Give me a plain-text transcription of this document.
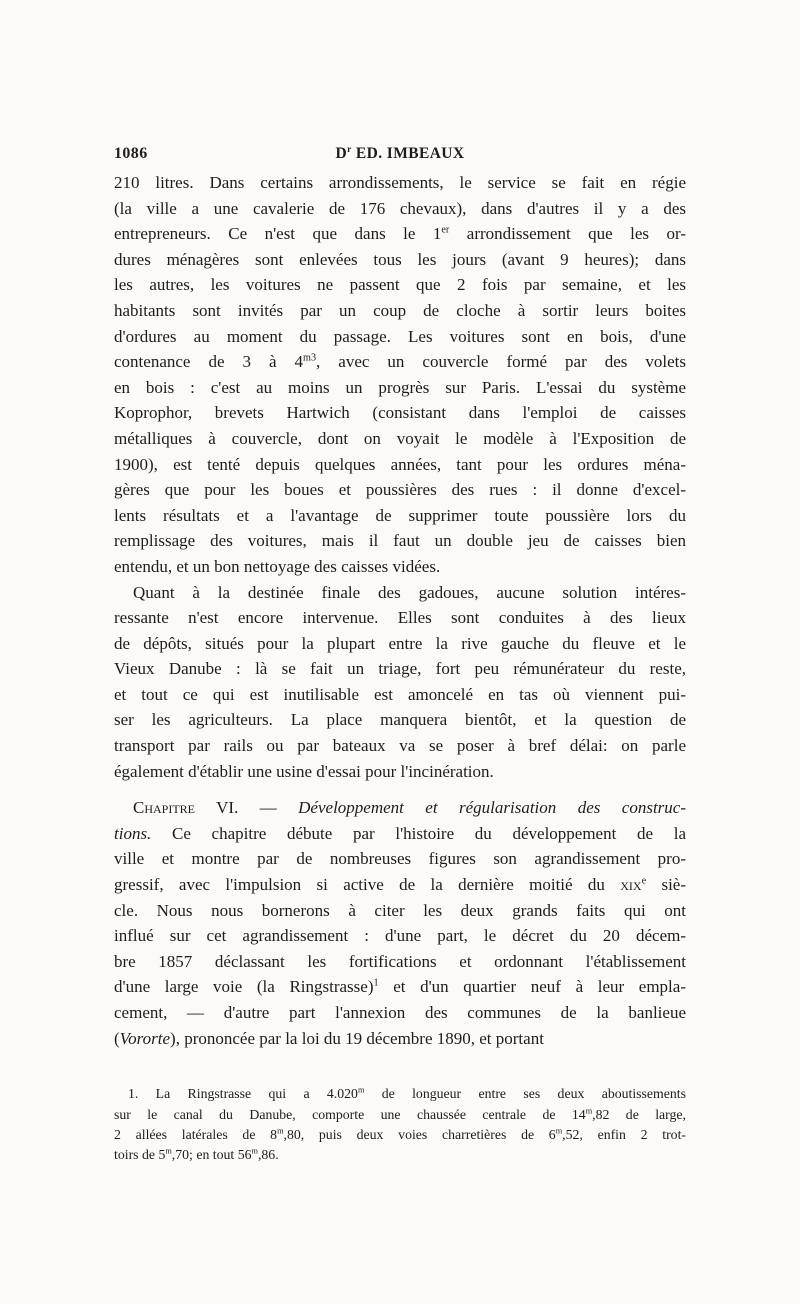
1086	$D^r$ ED. IMBEAUX
210 litres. Dans certains arrondissements, le service se fait en régie
(la ville a une cavalerie de 176 chevaux), dans d'autres il y a des
entrepreneurs. Ce n'est que dans le 1er arrondissement que les or-
dures ménagères sont enlevées tous les jours (avant 9 heures); dans
les autres, les voitures ne passent que 2 fois par semaine, et les
habitants sont invités par un coup de cloche à sortir leurs boites
d'ordures au moment du passage. Les voitures sont en bois, d'une
contenance de 3 à $4^{m3}$, avec un couvercle formé par des volets
en bois : c'est au moins un progrès sur Paris. L'essai du système
Koprophor, brevets Hartwich (consistant dans l'emploi de caisses
métalliques à couvercle, dont on voyait le modèle à l'Exposition de
1900), est tenté depuis quelques années, tant pour les ordures ména-
gères que pour les boues et poussières des rues : il donne d'excel-
lents résultats et a l'avantage de supprimer toute poussière lors du
remplissage des voitures, mais il faut un double jeu de caisses bien
entendu, et un bon nettoyage des caisses vidées.
Quant à la destinée finale des gadoues, aucune solution intéres-
ressante n'est encore intervenue. Elles sont conduites à des lieux
de dépôts, situés pour la plupart entre la rive gauche du fleuve et le
Vieux Danube : là se fait un triage, fort peu rémunérateur du reste,
et tout ce qui est inutilisable est amoncelé en tas où viennent pui-
ser les agriculteurs. La place manquera bientôt, et la question de
transport par rails ou par bateaux va se poser à bref délai: on parle
également d'établir une usine d'essai pour l'incinération.
Chapitre VI. — Développement et régularisation des construc-
tions. Ce chapitre débute par l'histoire du développement de la
ville et montre par de nombreuses figures son agrandissement pro-
gressif, avec l'impulsion si active de la dernière moitié du xix$^e$ siè-
cle. Nous nous bornerons à citer les deux grands faits qui ont
influé sur cet agrandissement : d'une part, le décret du 20 décem-
bre 1857 déclassant les fortifications et ordonnant l'établissement
d'une large voie (la Ringstrasse)$^1$ et d'un quartier neuf à leur empla-
cement, — d'autre part l'annexion des communes de la banlieue
(Vororte), prononcée par la loi du 19 décembre 1890, et portant
1. La Ringstrasse qui a 4.020$^m$ de longueur entre ses deux aboutissements
sur le canal du Danube, comporte une chaussée centrale de 14$^m$,82 de large,
2 allées latérales de 8$^m$,80, puis deux voies charretières de 6$^m$,52, enfin 2 trot-
toirs de 5$^m$,70; en tout 56$^m$,86.
